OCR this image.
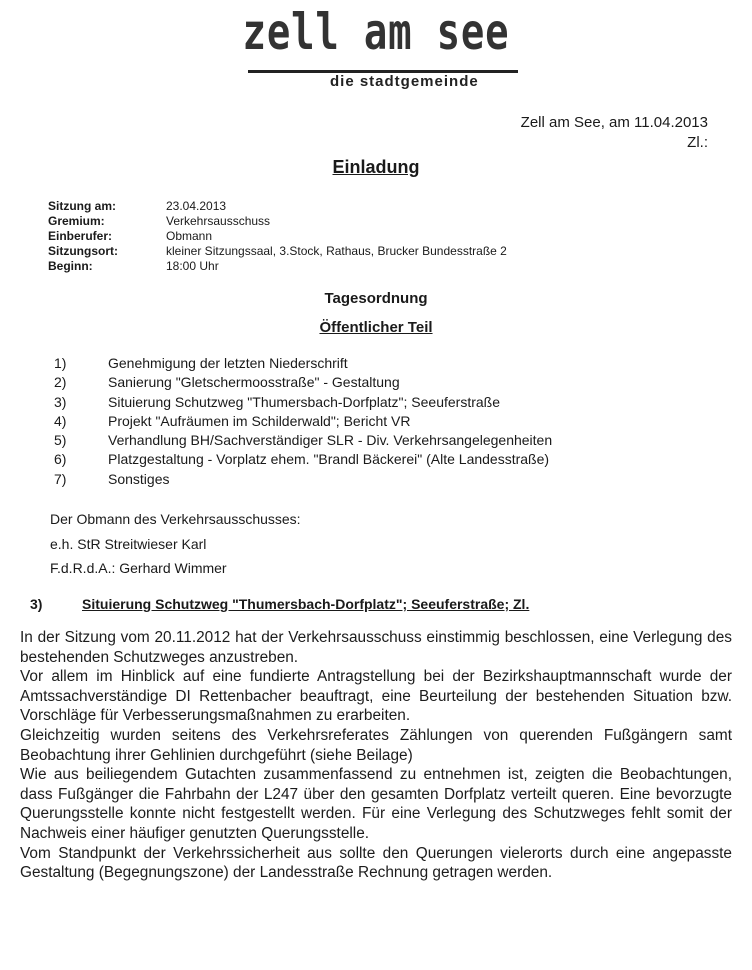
zell am see
die stadtgemeinde
Zell am See, am 11.04.2013
Zl.:
Einladung
Sitzung am:	23.04.2013
Gremium:	Verkehrsausschuss
Einberufer:	Obmann
Sitzungsort:	kleiner Sitzungssaal, 3.Stock, Rathaus, Brucker Bundesstraße 2
Beginn:	18:00 Uhr
Tagesordnung
Öffentlicher Teil
1)	Genehmigung der letzten Niederschrift
2)	Sanierung "Gletschermoosstraße" - Gestaltung
3)	Situierung Schutzweg "Thumersbach-Dorfplatz"; Seeuferstraße
4)	Projekt "Aufräumen im Schilderwald"; Bericht VR
5)	Verhandlung BH/Sachverständiger SLR - Div. Verkehrsangelegenheiten
6)	Platzgestaltung - Vorplatz ehem. "Brandl Bäckerei" (Alte Landesstraße)
7)	Sonstiges
Der Obmann des Verkehrsausschusses:
e.h. StR Streitwieser Karl
F.d.R.d.A.: Gerhard Wimmer
3)	Situierung Schutzweg "Thumersbach-Dorfplatz"; Seeuferstraße; Zl.

In der Sitzung vom 20.11.2012 hat der Verkehrsausschuss einstimmig beschlossen, eine Verlegung des bestehenden Schutzweges anzustreben.

Vor allem im Hinblick auf eine fundierte Antragstellung bei der Bezirkshauptmannschaft wurde der Amtssachverständige DI Rettenbacher beauftragt, eine Beurteilung der bestehenden Situation bzw. Vorschläge für Verbesserungsmaßnahmen zu erarbeiten.

Gleichzeitig wurden seitens des Verkehrsreferates Zählungen von querenden Fußgängern samt Beobachtung ihrer Gehlinien durchgeführt (siehe Beilage)

Wie aus beiliegendem Gutachten zusammenfassend zu entnehmen ist, zeigten die Beobachtungen, dass Fußgänger die Fahrbahn der L247 über den gesamten Dorfplatz verteilt queren. Eine bevorzugte Querungsstelle konnte nicht festgestellt werden. Für eine Verlegung des Schutzweges fehlt somit der Nachweis einer häufiger genutzten Querungsstelle.

Vom Standpunkt der Verkehrssicherheit aus sollte den Querungen vielerorts durch eine angepasste Gestaltung (Begegnungszone) der Landesstraße Rechnung getragen werden.
